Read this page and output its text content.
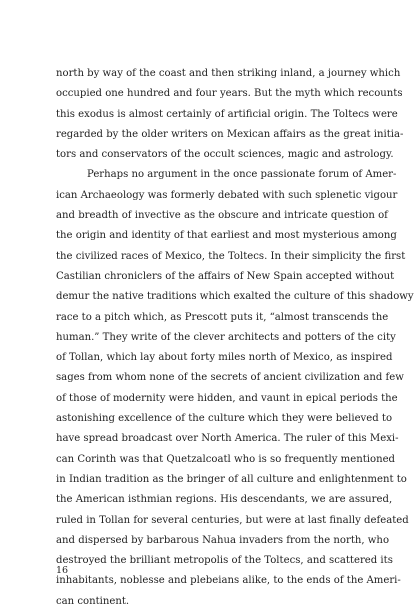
north by way of the coast and then striking inland, a journey which
occupied one hundred and four years. But the myth which recounts
this exodus is almost certainly of artificial origin. The Toltecs were
regarded by the older writers on Mexican affairs as the great initia-
tors and conservators of the occult sciences, magic and astrology.
Perhaps no argument in the once passionate forum of Amer-
ican Archaeology was formerly debated with such splenetic vigour
and breadth of invective as the obscure and intricate question of
the origin and identity of that earliest and most mysterious among
the civilized races of Mexico, the Toltecs. In their simplicity the first
Castilian chroniclers of the affairs of New Spain accepted without
demur the native traditions which exalted the culture of this shadowy
race to a pitch which, as Prescott puts it, “almost transcends the
human.” They write of the clever architects and potters of the city
of Tollan, which lay about forty miles north of Mexico, as inspired
sages from whom none of the secrets of ancient civilization and few
of those of modernity were hidden, and vaunt in epical periods the
astonishing excellence of the culture which they were believed to
have spread broadcast over North America. The ruler of this Mexi-
can Corinth was that Quetzalcoatl who is so frequently mentioned
in Indian tradition as the bringer of all culture and enlightenment to
the American isthmian regions. His descendants, we are assured,
ruled in Tollan for several centuries, but were at last finally defeated
and dispersed by barbarous Nahua invaders from the north, who
destroyed the brilliant metropolis of the Toltecs, and scattered its
inhabitants, noblesse and plebeians alike, to the ends of the Ameri-
can continent.
16
